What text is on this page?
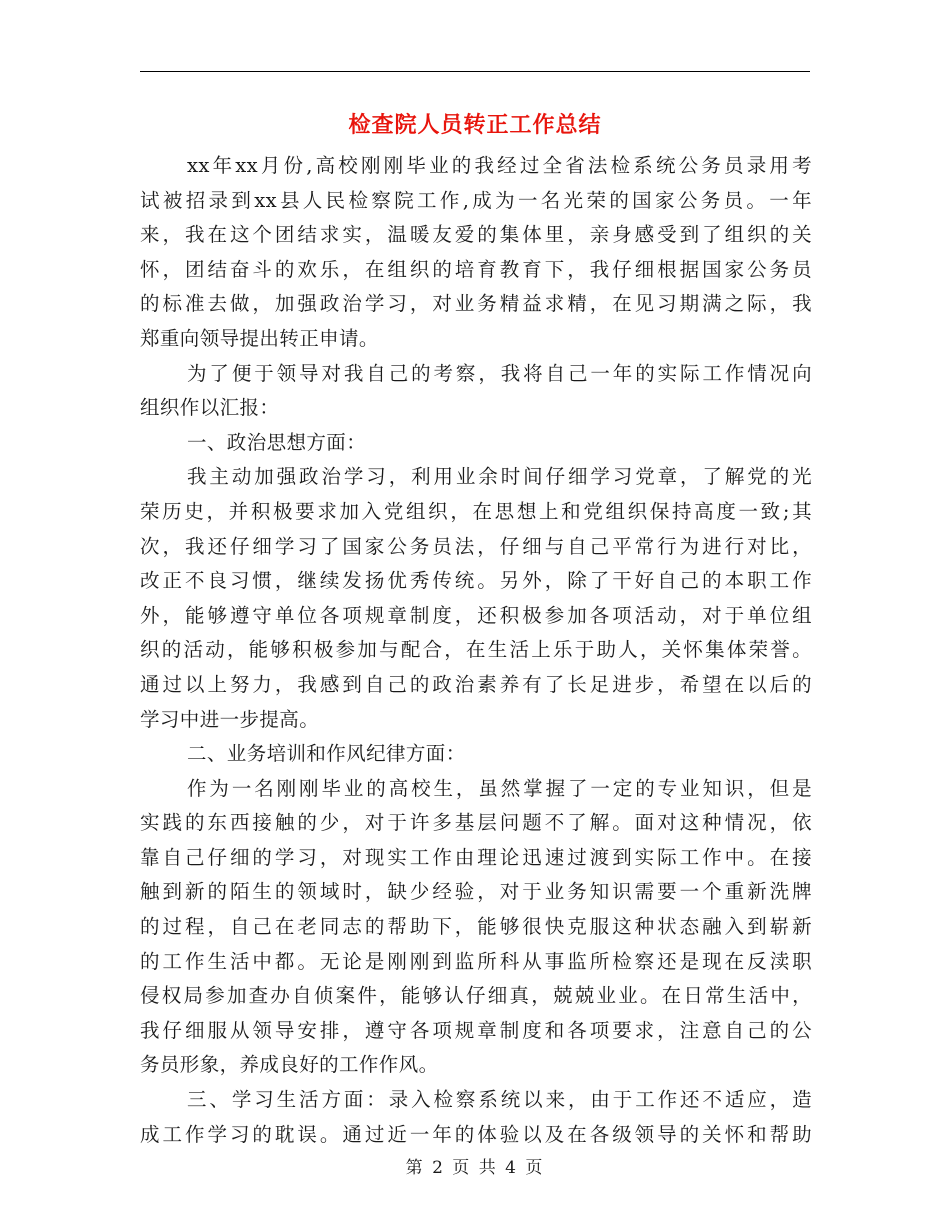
检查院人员转正工作总结
xx年xx月份,高校刚刚毕业的我经过全省法检系统公务员录用考
试被招录到xx县人民检察院工作,成为一名光荣的国家公务员。一年
来，我在这个团结求实，温暖友爱的集体里，亲身感受到了组织的关
怀，团结奋斗的欢乐，在组织的培育教育下，我仔细根据国家公务员
的标准去做，加强政治学习，对业务精益求精，在见习期满之际，我
郑重向领导提出转正申请。
为了便于领导对我自己的考察，我将自己一年的实际工作情况向
组织作以汇报：
一、政治思想方面：
我主动加强政治学习，利用业余时间仔细学习党章，了解党的光
荣历史，并积极要求加入党组织，在思想上和党组织保持高度一致;其
次，我还仔细学习了国家公务员法，仔细与自己平常行为进行对比，
改正不良习惯，继续发扬优秀传统。另外，除了干好自己的本职工作
外，能够遵守单位各项规章制度，还积极参加各项活动，对于单位组
织的活动，能够积极参加与配合，在生活上乐于助人，关怀集体荣誉。
通过以上努力，我感到自己的政治素养有了长足进步，希望在以后的
学习中进一步提高。
二、业务培训和作风纪律方面：
作为一名刚刚毕业的高校生，虽然掌握了一定的专业知识，但是
实践的东西接触的少，对于许多基层问题不了解。面对这种情况，依
靠自己仔细的学习，对现实工作由理论迅速过渡到实际工作中。在接
触到新的陌生的领域时，缺少经验，对于业务知识需要一个重新洗牌
的过程，自己在老同志的帮助下，能够很快克服这种状态融入到崭新
的工作生活中都。无论是刚刚到监所科从事监所检察还是现在反渎职
侵权局参加查办自侦案件，能够认仔细真，兢兢业业。在日常生活中，
我仔细服从领导安排，遵守各项规章制度和各项要求，注意自己的公
务员形象，养成良好的工作作风。
三、学习生活方面：录入检察系统以来，由于工作还不适应，造
成工作学习的耽误。通过近一年的体验以及在各级领导的关怀和帮助
第 2 页 共 4 页
